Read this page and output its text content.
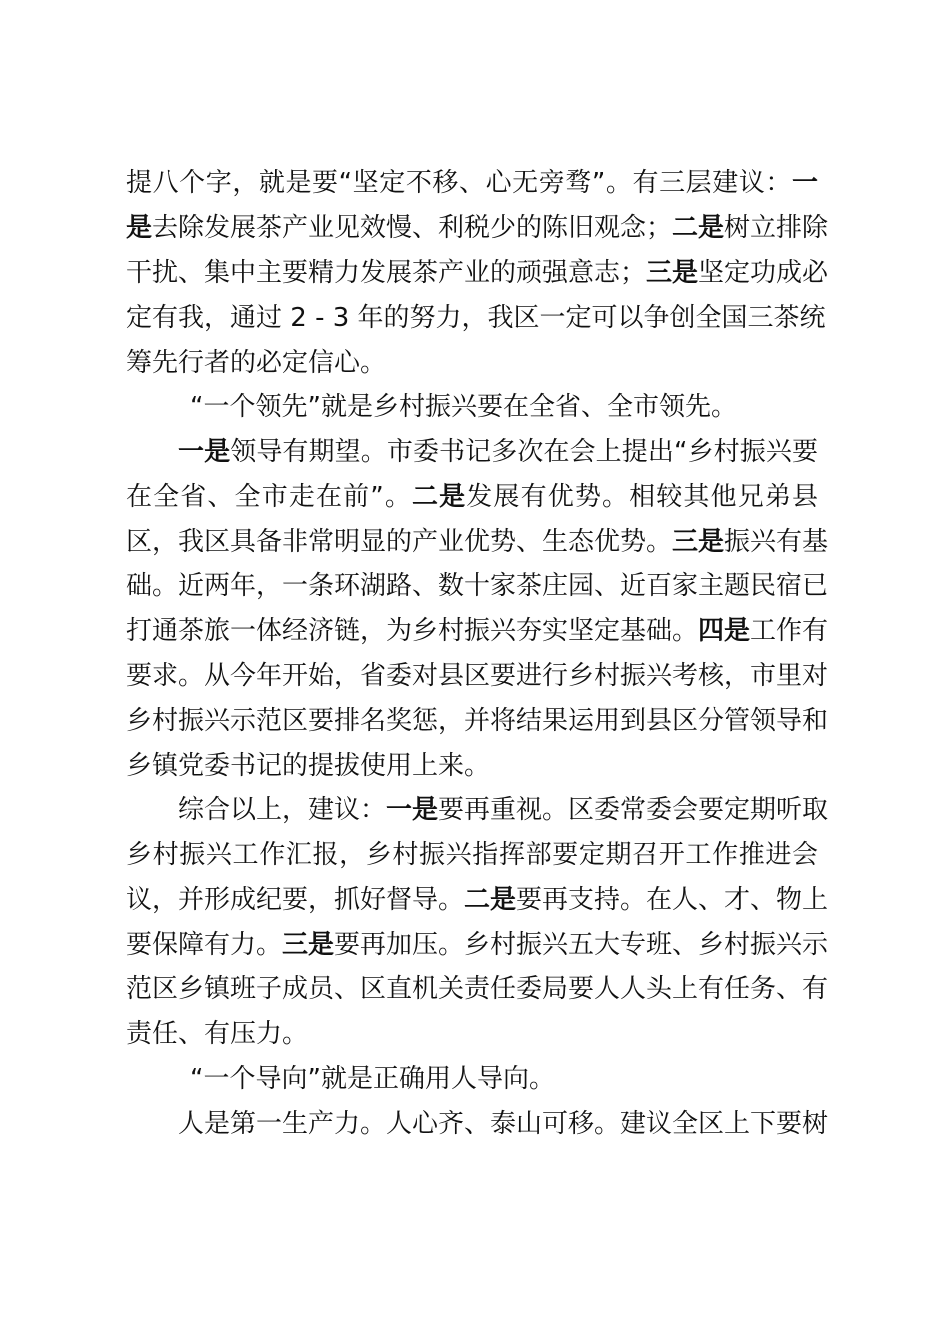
提八个字，就是要“坚定不移、心无旁骛”。有三层建议：一
是去除发展茶产业见效慢、利税少的陈旧观念；二是树立排除
干扰、集中主要精力发展茶产业的顽强意志；三是坚定功成必
定有我，通过 2 - 3 年的努力，我区一定可以争创全国三茶统
筹先行者的必定信心。
“一个领先”就是乡村振兴要在全省、全市领先。
一是领导有期望。市委书记多次在会上提出“乡村振兴要
在全省、全市走在前”。二是发展有优势。相较其他兄弟县
区，我区具备非常明显的产业优势、生态优势。三是振兴有基
础。近两年，一条环湖路、数十家茶庄园、近百家主题民宿已
打通茶旅一体经济链，为乡村振兴夯实坚定基础。四是工作有
要求。从今年开始，省委对县区要进行乡村振兴考核，市里对
乡村振兴示范区要排名奖惩，并将结果运用到县区分管领导和
乡镇党委书记的提拔使用上来。
综合以上，建议：一是要再重视。区委常委会要定期听取
乡村振兴工作汇报，乡村振兴指挥部要定期召开工作推进会
议，并形成纪要，抓好督导。二是要再支持。在人、才、物上
要保障有力。三是要再加压。乡村振兴五大专班、乡村振兴示
范区乡镇班子成员、区直机关责任委局要人人头上有任务、有
责任、有压力。
“一个导向”就是正确用人导向。
人是第一生产力。人心齐、泰山可移。建议全区上下要树
